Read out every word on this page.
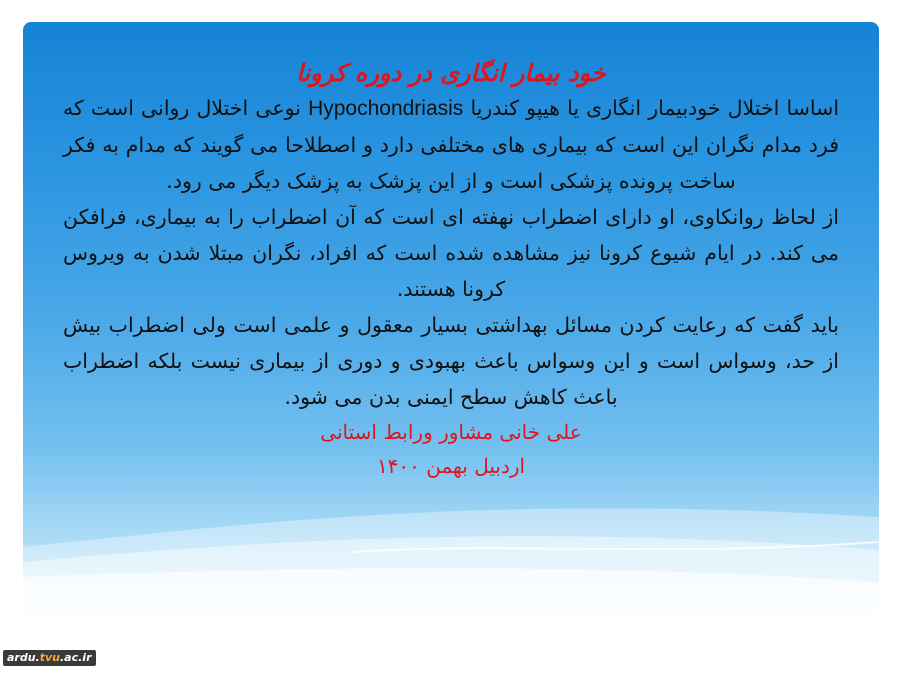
خود بیمار انگاری در دوره کرونا

اساسا اختلال خودبیمار انگاری یا هیپو کندریا Hypochondriasis نوعی اختلال روانی است که فرد مدام نگران این است که بیماری های مختلفی دارد و اصطلاحا می گویند که مدام به فکر ساخت پرونده پزشکی است و از این پزشک به پزشک دیگر می رود.

از لحاظ روانکاوی، او دارای اضطراب نهفته ای است که آن اضطراب را به بیماری، فرافکن می کند. در ایام شیوع کرونا نیز مشاهده شده است که افراد، نگران مبتلا شدن به ویروس کرونا هستند.

باید گفت که رعایت کردن مسائل بهداشتی بسیار معقول و علمی است ولی اضطراب بیش از حد، وسواس است و این وسواس باعث بهبودی و دوری از بیماری نیست بلکه اضطراب باعث کاهش سطح ایمنی بدن می شود.

علی خانی مشاور ورابط استانی

اردبیل بهمن ۱۴۰۰

ardu.tvu.ac.ir
